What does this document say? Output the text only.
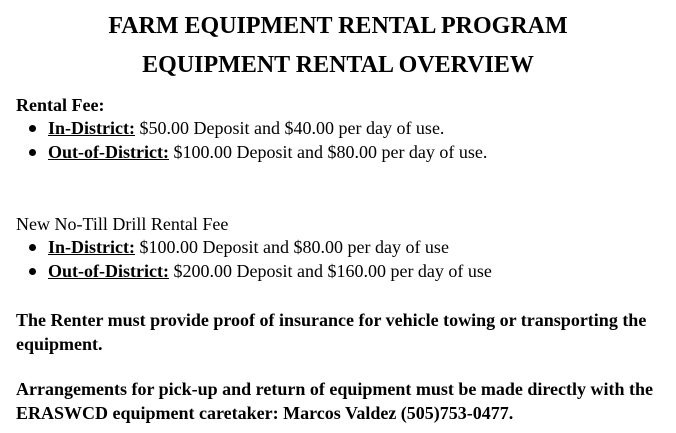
FARM EQUIPMENT RENTAL PROGRAM
EQUIPMENT RENTAL OVERVIEW
Rental Fee:
In-District: $50.00 Deposit and $40.00 per day of use.
Out-of-District: $100.00 Deposit and $80.00 per day of use.
New No-Till Drill Rental Fee
In-District: $100.00 Deposit and $80.00 per day of use
Out-of-District: $200.00 Deposit and $160.00 per day of use
The Renter must provide proof of insurance for vehicle towing or transporting the equipment.
Arrangements for pick-up and return of equipment must be made directly with the ERASWCD equipment caretaker: Marcos Valdez (505)753-0477.
